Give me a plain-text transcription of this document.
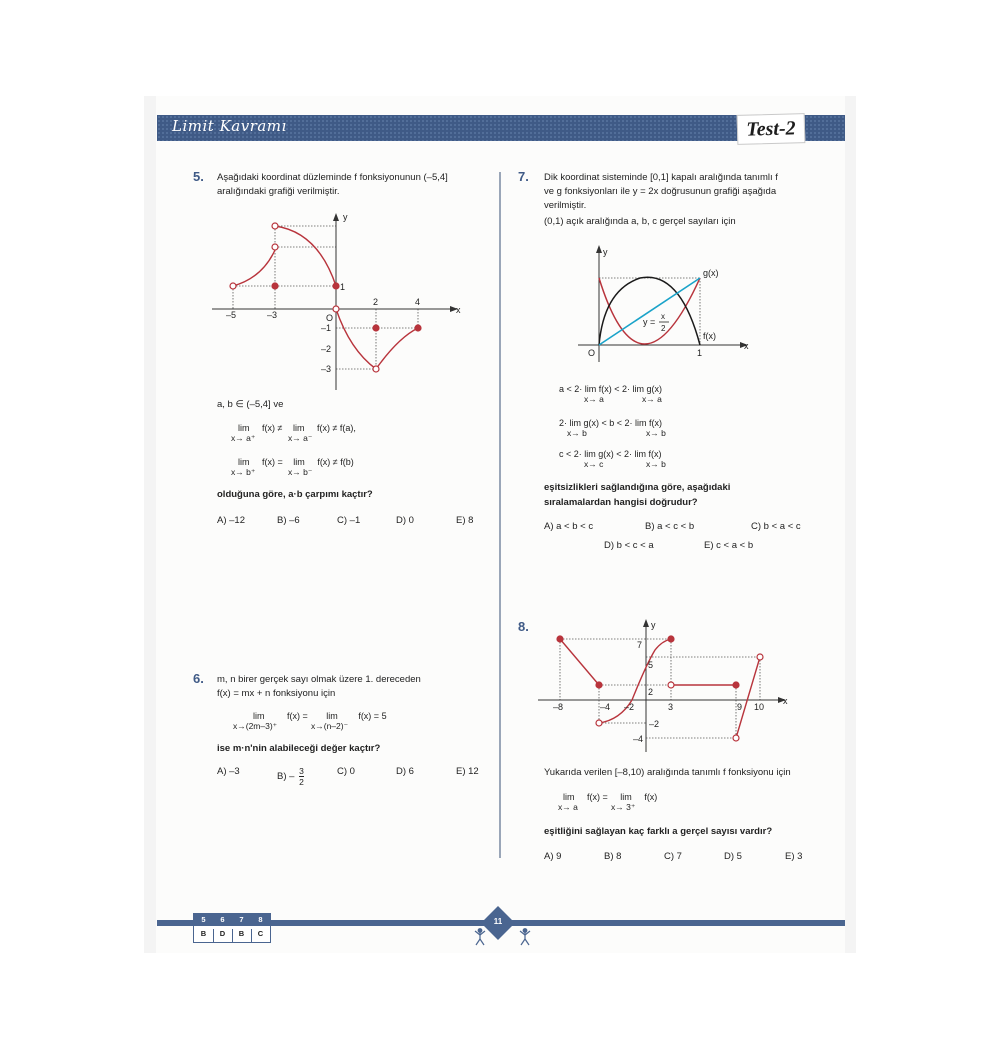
Limit Kavramı	Test-2
5. Aşağıdaki koordinat düzleminde f fonksiyonunun (–5,4]
aralığındaki grafiği verilmiştir.
y
x
–5	–3
2	4
O
1
–1
–2
–3
a, b ∈ (–5,4] ve
lim
x→ a⁺
f(x) ≠ lim
x→ a⁻
f(x) ≠ f(a),
lim
x→ b⁺
f(x) = lim
x→ b⁻
f(x) ≠ f(b)
olduğuna göre, a·b çarpımı kaçtır?
A) –12	B) –6	C) –1	D) 0	E) 8
6. m, n birer gerçek sayı olmak üzere 1. dereceden
f(x) = mx + n fonksiyonu için
lim
x→(2m–3)⁺
f(x) = lim
x→(n–2)⁻
f(x) = 5
ise m·n'nin alabileceği değer kaçtır?
A) –3	$B) - \frac{3}{2}$	C) 0	D) 6	E) 12
7. Dik koordinat sisteminde [0,1] kapalı aralığında tanımlı f
ve g fonksiyonları ile y = 2x doğrusunun grafiği aşağıda
verilmiştir.
(0,1) açık aralığında a, b, c gerçel sayıları için
y
x
O	1
g(x)
f(x)
y =
x
2
a < 2· lim f(x) < 2· lim g(x)
x→ a	x→ a
2· lim g(x) < b < 2· lim f(x)
x→ b	x→ b
c < 2· lim g(x) < 2· lim f(x)
x→ c	x→ b
eşitsizlikleri sağlandığına göre, aşağıdaki
sıralamalardan hangisi doğrudur?
A) a < b < c	B) a < c < b	C) b < a < c
D) b < c < a	E) c < a < b
8.	y
x
–8	–4 –2	3	9 10
7
5
2
–2
–4
Yukarıda verilen [–8,10) aralığında tanımlı f fonksiyonu için
lim
x→ a
f(x) = lim
x→ 3⁺
f(x)
eşitliğini sağlayan kaç farklı a gerçel sayısı vardır?
A) 9	B) 8	C) 7	D) 5	E) 3
5	6	7	8
B	D	B	C
11
